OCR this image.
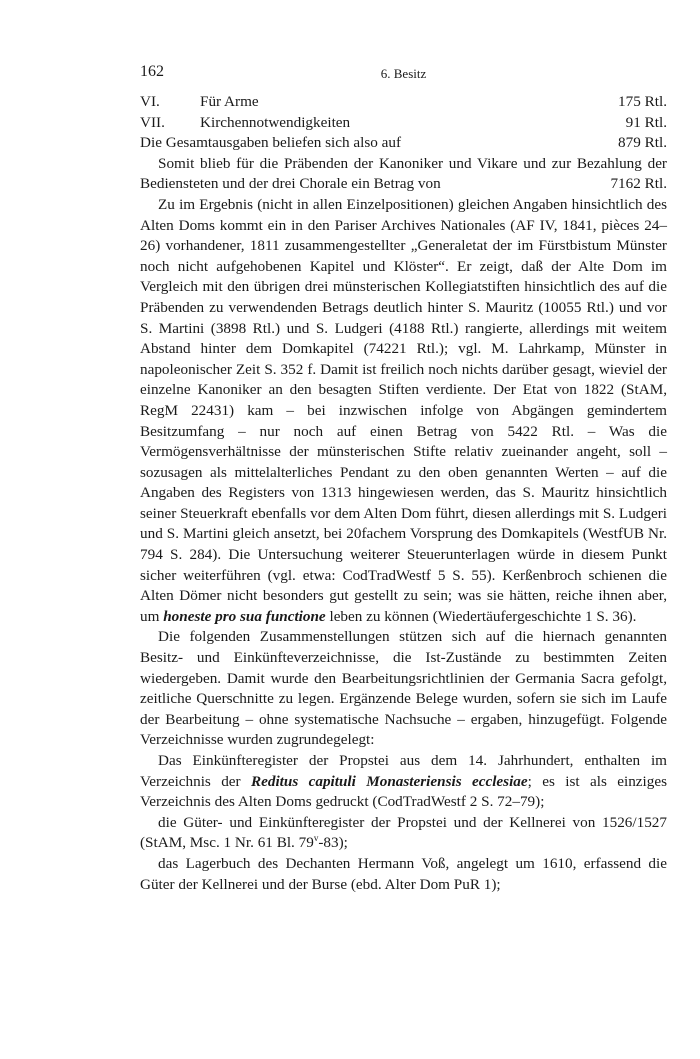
162	6. Besitz
VI.	Für Arme	175 Rtl.
VII.	Kirchennotwendigkeiten	91 Rtl.
Die Gesamtausgaben beliefen sich also auf	879 Rtl.

Somit blieb für die Präbenden der Kanoniker und Vikare und zur Bezahlung der Bediensteten und der drei Chorale ein Betrag von	7162 Rtl.

Zu im Ergebnis (nicht in allen Einzelpositionen) gleichen Angaben hinsichtlich des Alten Doms kommt ein in den Pariser Archives Nationales (AF IV, 1841, pièces 24–26) vorhandener, 1811 zusammengestellter „Generaletat der im Fürstbistum Münster noch nicht aufgehobenen Kapitel und Klöster“. Er zeigt, daß der Alte Dom im Vergleich mit den übrigen drei münsterischen Kollegiatstiften hinsichtlich des auf die Präbenden zu verwendenden Betrags deutlich hinter S. Mauritz (10055 Rtl.) und vor S. Martini (3898 Rtl.) und S. Ludgeri (4188 Rtl.) rangierte, allerdings mit weitem Abstand hinter dem Domkapitel (74221 Rtl.); vgl. M. Lahrkamp, Münster in napoleonischer Zeit S. 352 f. Damit ist freilich noch nichts darüber gesagt, wieviel der einzelne Kanoniker an den besagten Stiften verdiente. Der Etat von 1822 (StAM, RegM 22431) kam – bei inzwischen infolge von Abgängen gemindertem Besitzumfang – nur noch auf einen Betrag von 5422 Rtl. – Was die Vermögensverhältnisse der münsterischen Stifte relativ zueinander angeht, soll – sozusagen als mittelalterliches Pendant zu den oben genannten Werten – auf die Angaben des Registers von 1313 hingewiesen werden, das S. Mauritz hinsichtlich seiner Steuerkraft ebenfalls vor dem Alten Dom führt, diesen allerdings mit S. Ludgeri und S. Martini gleich ansetzt, bei 20fachem Vorsprung des Domkapitels (WestfUB Nr. 794 S. 284). Die Untersuchung weiterer Steuerunterlagen würde in diesem Punkt sicher weiterführen (vgl. etwa: CodTradWestf 5 S. 55). Kerßenbroch schienen die Alten Dömer nicht besonders gut gestellt zu sein; was sie hätten, reiche ihnen aber, um honeste pro sua functione leben zu können (Wiedertäufergeschichte 1 S. 36).

Die folgenden Zusammenstellungen stützen sich auf die hiernach genannten Besitz- und Einkünfteverzeichnisse, die Ist-Zustände zu bestimmten Zeiten wiedergeben. Damit wurde den Bearbeitungsrichtlinien der Germania Sacra gefolgt, zeitliche Querschnitte zu legen. Ergänzende Belege wurden, sofern sie sich im Laufe der Bearbeitung – ohne systematische Nachsuche – ergaben, hinzugefügt. Folgende Verzeichnisse wurden zugrundegelegt:

Das Einkünfteregister der Propstei aus dem 14. Jahrhundert, enthalten im Verzeichnis der Reditus capituli Monasteriensis ecclesiae; es ist als einziges Verzeichnis des Alten Doms gedruckt (CodTradWestf 2 S. 72–79);

die Güter- und Einkünfteregister der Propstei und der Kellnerei von 1526/1527 (StAM, Msc. 1 Nr. 61 Bl. 79$^v$-83);

das Lagerbuch des Dechanten Hermann Voß, angelegt um 1610, erfassend die Güter der Kellnerei und der Burse (ebd. Alter Dom PuR 1);
